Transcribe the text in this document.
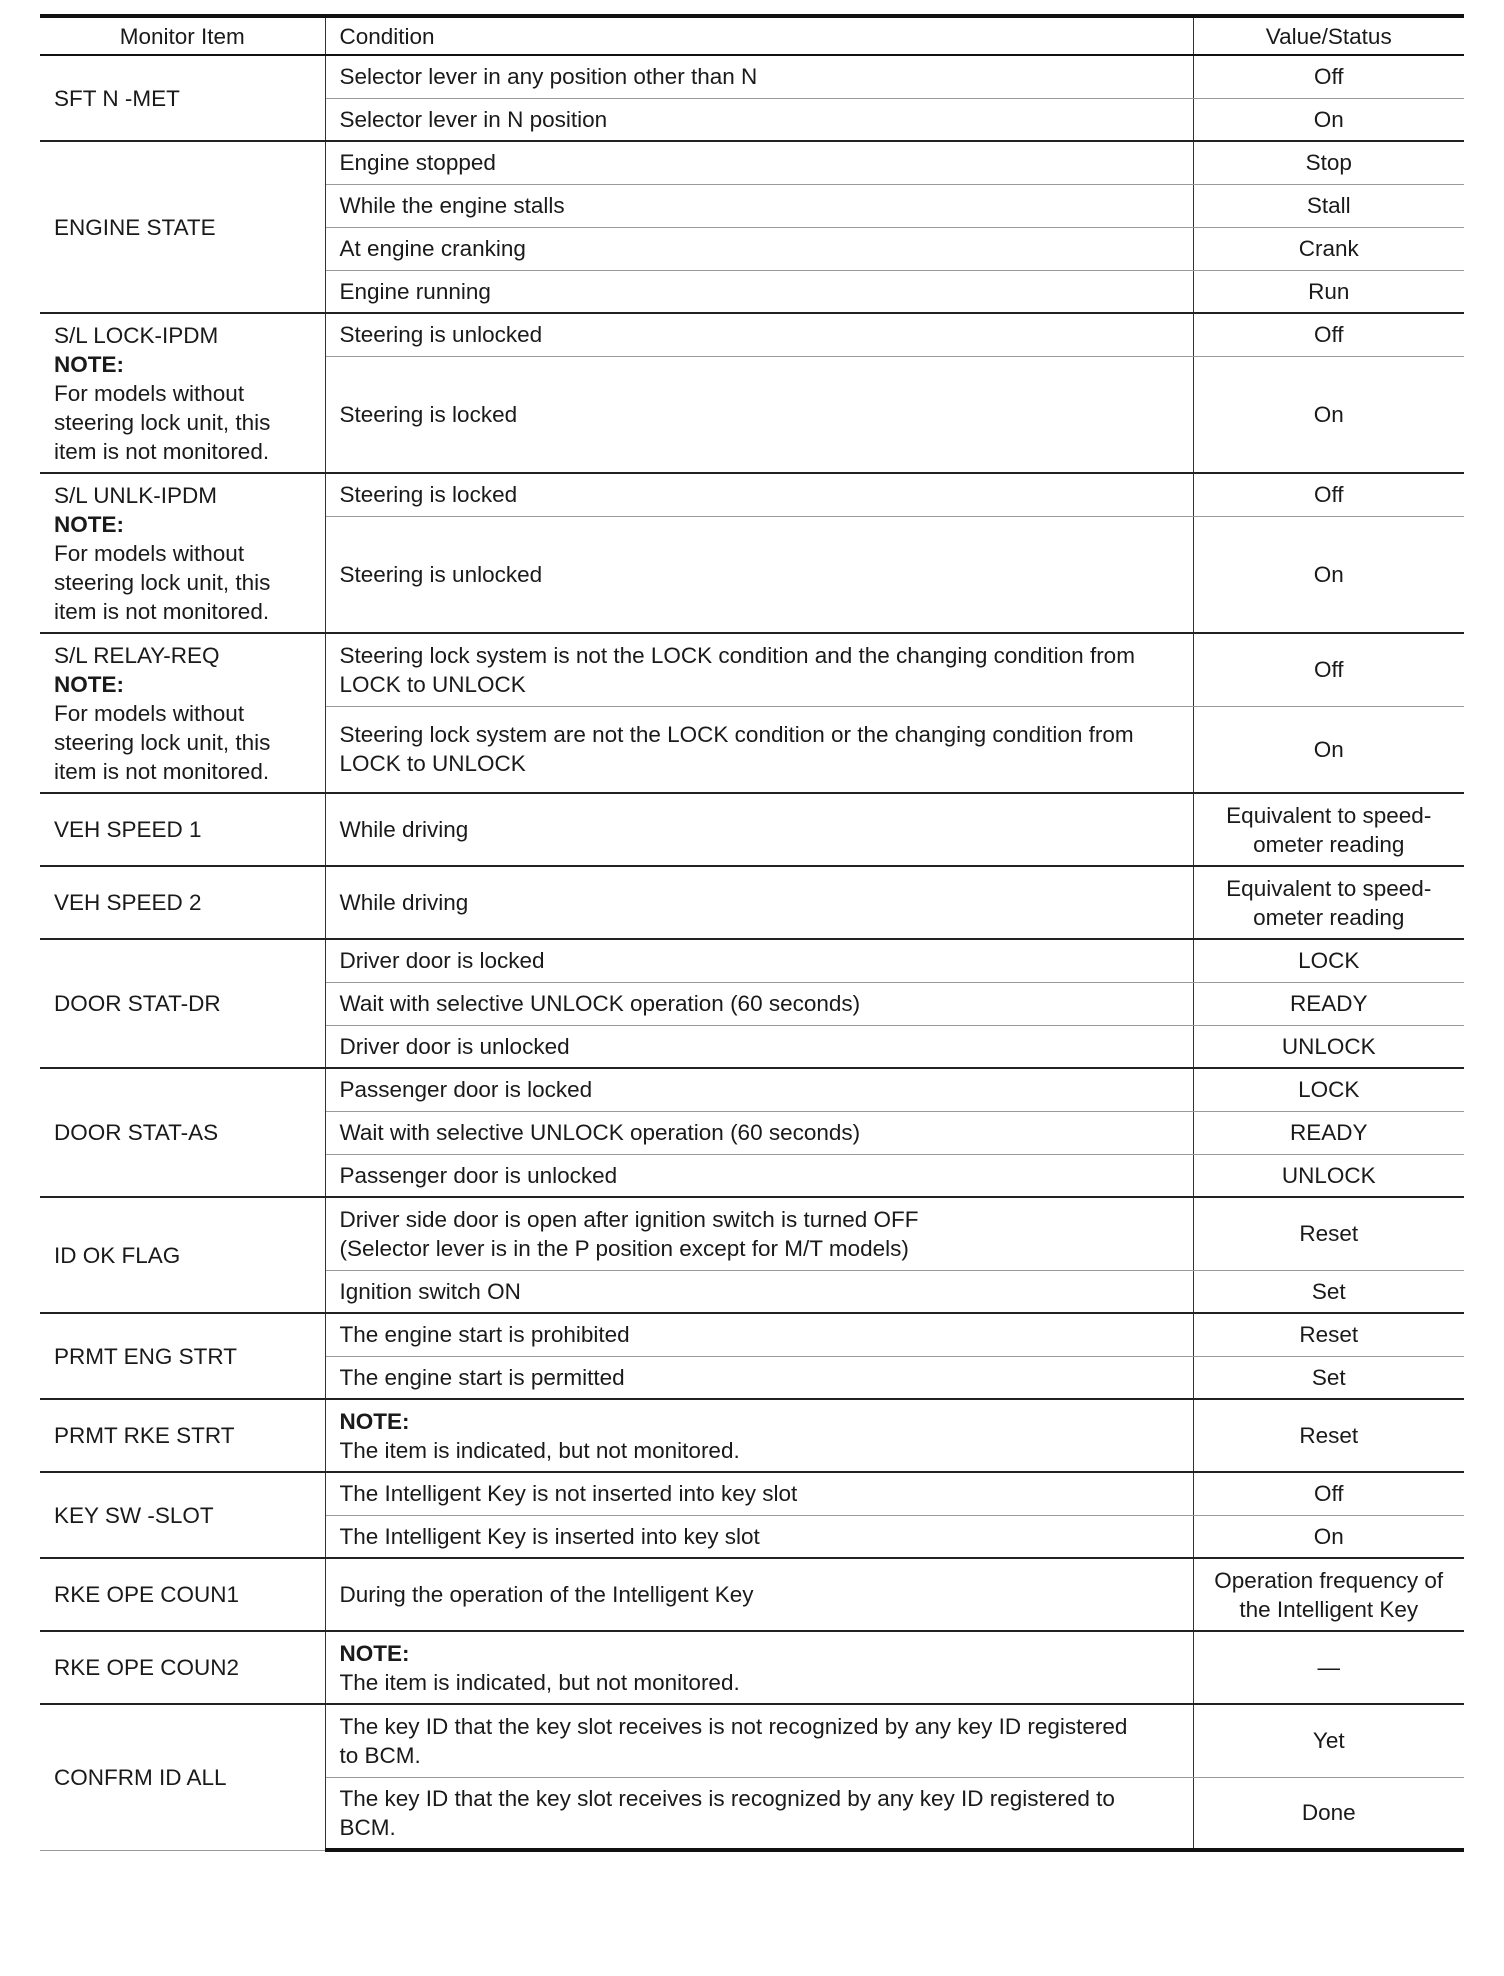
Monitor Item	Condition	Value/Status

SFT N -MET	Selector lever in any position other than N	Off

	Selector lever in N position	On

ENGINE STATE	Engine stopped	Stop

	While the engine stalls	Stall

	At engine cranking	Crank

	Engine running	Run

S/L LOCK-IPDM
NOTE:
For models without
steering lock unit, this
item is not monitored.	Steering is unlocked	Off

	Steering is locked	On

S/L UNLK-IPDM
NOTE:
For models without
steering lock unit, this
item is not monitored.	Steering is locked	Off

	Steering is unlocked	On

S/L RELAY-REQ
NOTE:
For models without
steering lock unit, this
item is not monitored.	Steering lock system is not the LOCK condition and the changing condition from
LOCK to UNLOCK	Off

	Steering lock system are not the LOCK condition or the changing condition from
LOCK to UNLOCK	On

VEH SPEED 1	While driving	Equivalent to speed-
ometer reading

VEH SPEED 2	While driving	Equivalent to speed-
ometer reading

DOOR STAT-DR	Driver door is locked	LOCK

	Wait with selective UNLOCK operation (60 seconds)	READY

	Driver door is unlocked	UNLOCK

DOOR STAT-AS	Passenger door is locked	LOCK

	Wait with selective UNLOCK operation (60 seconds)	READY

	Passenger door is unlocked	UNLOCK

ID OK FLAG	Driver side door is open after ignition switch is turned OFF
(Selector lever is in the P position except for M/T models)	Reset

	Ignition switch ON	Set

PRMT ENG STRT	The engine start is prohibited	Reset

	The engine start is permitted	Set

PRMT RKE STRT	NOTE:
The item is indicated, but not monitored.	Reset

KEY SW -SLOT	The Intelligent Key is not inserted into key slot	Off

	The Intelligent Key is inserted into key slot	On

RKE OPE COUN1	During the operation of the Intelligent Key	Operation frequency of
the Intelligent Key

RKE OPE COUN2	NOTE:
The item is indicated, but not monitored.	—

CONFRM ID ALL	The key ID that the key slot receives is not recognized by any key ID registered
to BCM.	Yet

	The key ID that the key slot receives is recognized by any key ID registered to
BCM.	Done
